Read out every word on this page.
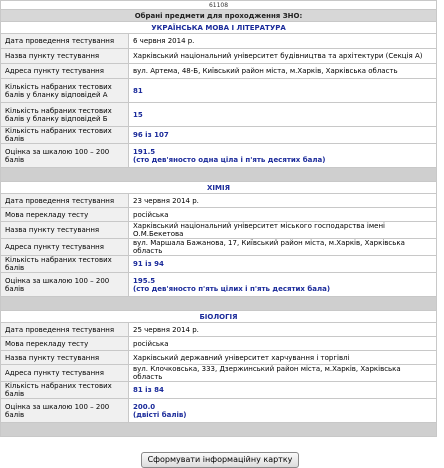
61108	
Обрані предмети для проходження ЗНО:	
УКРАЇНСЬКА МОВА І ЛІТЕРАТУРА	
Дата проведення тестування	6 червня 2014 р.
Назва пункту тестування	Харківський національний університет будівництва та архітектури (Секція А)
Адреса пункту тестування	вул. Артема, 48-Б, Київський район міста, м.Харків, Харківська область
Кількість набраних тестових балів у бланку відповідей А	81
Кількість набраних тестових балів у бланку відповідей Б	15
Кількість набраних тестових балів	96 із 107
Оцінка за шкалою 100 – 200 балів	191.5
(сто дев'яносто одна ціла і п'ять десятих бала)

ХІМІЯ	
Дата проведення тестування	23 червня 2014 р.
Мова перекладу тесту	російська
Назва пункту тестування	Харківський національний університет міського господарства імені О.М.Бекетова
Адреса пункту тестування	вул. Маршала Бажанова, 17, Київський район міста, м.Харків, Харківська область
Кількість набраних тестових балів	91 із 94
Оцінка за шкалою 100 – 200 балів	195.5
(сто дев'яносто п'ять цілих і п'ять десятих бала)

БІОЛОГІЯ	
Дата проведення тестування	25 червня 2014 р.
Мова перекладу тесту	російська
Назва пункту тестування	Харківський державний університет харчування і торгівлі
Адреса пункту тестування	вул. Клочковська, 333, Дзержинський район міста, м.Харків, Харківська область
Кількість набраних тестових балів	81 із 84
Оцінка за шкалою 100 – 200 балів	200.0
(двісті балів)

Сформувати інформаційну картку
